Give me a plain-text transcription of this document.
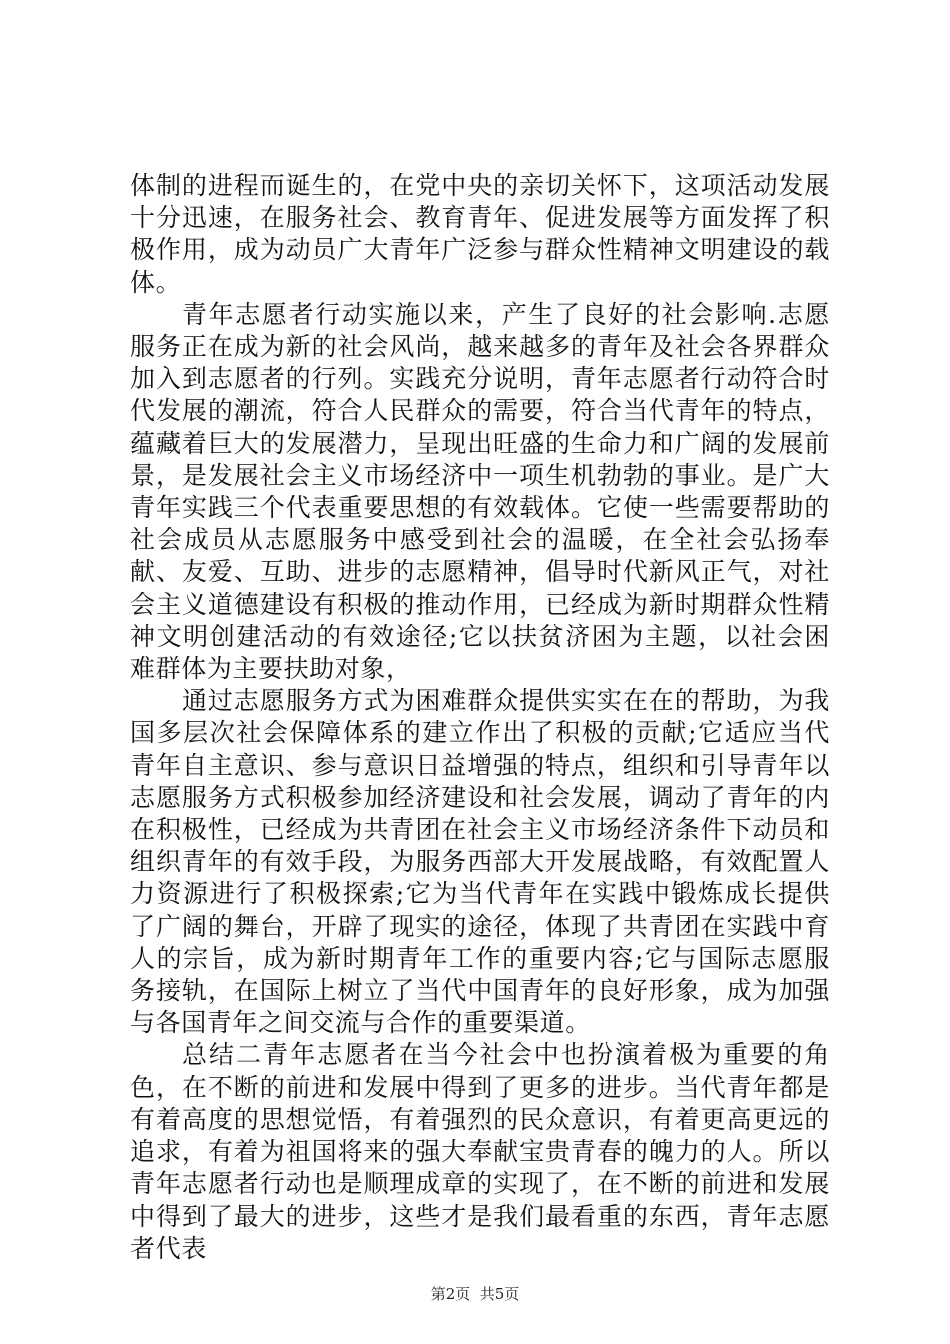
体制的进程而诞生的，在党中央的亲切关怀下，这项活动发展十分迅速，在服务社会、教育青年、促进发展等方面发挥了积极作用，成为动员广大青年广泛参与群众性精神文明建设的载体。

青年志愿者行动实施以来，产生了良好的社会影响.志愿服务正在成为新的社会风尚，越来越多的青年及社会各界群众加入到志愿者的行列。实践充分说明，青年志愿者行动符合时代发展的潮流，符合人民群众的需要，符合当代青年的特点，蕴藏着巨大的发展潜力，呈现出旺盛的生命力和广阔的发展前景，是发展社会主义市场经济中一项生机勃勃的事业。是广大青年实践三个代表重要思想的有效载体。它使一些需要帮助的社会成员从志愿服务中感受到社会的温暖，在全社会弘扬奉献、友爱、互助、进步的志愿精神，倡导时代新风正气，对社会主义道德建设有积极的推动作用，已经成为新时期群众性精神文明创建活动的有效途径;它以扶贫济困为主题，以社会困难群体为主要扶助对象，

通过志愿服务方式为困难群众提供实实在在的帮助，为我国多层次社会保障体系的建立作出了积极的贡献;它适应当代青年自主意识、参与意识日益增强的特点，组织和引导青年以志愿服务方式积极参加经济建设和社会发展，调动了青年的内在积极性，已经成为共青团在社会主义市场经济条件下动员和组织青年的有效手段，为服务西部大开发展战略，有效配置人力资源进行了积极探索;它为当代青年在实践中锻炼成长提供了广阔的舞台，开辟了现实的途径，体现了共青团在实践中育人的宗旨，成为新时期青年工作的重要内容;它与国际志愿服务接轨，在国际上树立了当代中国青年的良好形象，成为加强与各国青年之间交流与合作的重要渠道。

总结二青年志愿者在当今社会中也扮演着极为重要的角色，在不断的前进和发展中得到了更多的进步。当代青年都是有着高度的思想觉悟，有着强烈的民众意识，有着更高更远的追求，有着为祖国将来的强大奉献宝贵青春的魄力的人。所以青年志愿者行动也是顺理成章的实现了，在不断的前进和发展中得到了最大的进步，这些才是我们最看重的东西，青年志愿者代表

第2页  共5页
